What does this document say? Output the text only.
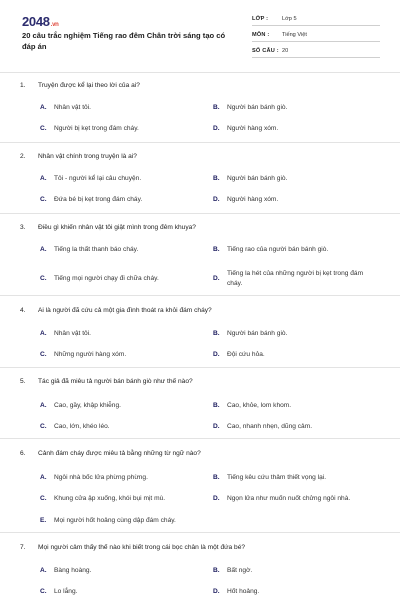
2048.vn
20 câu trắc nghiệm Tiếng rao đêm Chân trời sáng tạo có đáp án
LỚP :	Lớp 5
MÔN :	Tiếng Việt
SỐ CÂU : 20
1. Truyện được kể lại theo lời của ai?
A. Nhân vật tôi.	B. Người bán bánh giò.
C. Người bị kẹt trong đám cháy.	D. Người hàng xóm.
2. Nhân vật chính trong truyện là ai?
A. Tôi - người kể lại câu chuyện.	B. Người bán bánh giò.
C. Đứa bé bị kẹt trong đám cháy.	D. Người hàng xóm.
3. Điều gì khiến nhân vật tôi giật mình trong đêm khuya?
A. Tiếng la thất thanh báo cháy.	B. Tiếng rao của người bán bánh giò.
C. Tiếng mọi người chạy đi chữa cháy.	D.
Tiếng la hét của những người bị kẹt trong đám cháy.
4. Ai là người đã cứu cả một gia đình thoát ra khỏi đám cháy?
A. Nhân vật tôi.	B. Người bán bánh giò.
C. Những người hàng xóm.	D. Đội cứu hỏa.
5. Tác giả đã miêu tả người bán bánh giò như thế nào?
A. Cao, gầy, khập khiễng.	B. Cao, khỏe, lom khom.
C. Cao, lớn, khéo léo.	D. Cao, nhanh nhẹn, dũng cảm.
6. Cảnh đám cháy được miêu tả bằng những từ ngữ nào?
A. Ngôi nhà bốc lửa phừng phừng.	B. Tiếng kêu cứu thảm thiết vọng lại.
C. Khung cửa ập xuống, khói bụi mịt mù.	D. Ngọn lửa như muốn nuốt chửng ngôi nhà.
E. Mọi người hốt hoảng cùng dập đám cháy.
7. Mọi người cảm thấy thế nào khi biết trong cái bọc chân là một đứa bé?
A. Bàng hoàng.	B. Bất ngờ.
C. Lo lắng.	D. Hốt hoảng.
